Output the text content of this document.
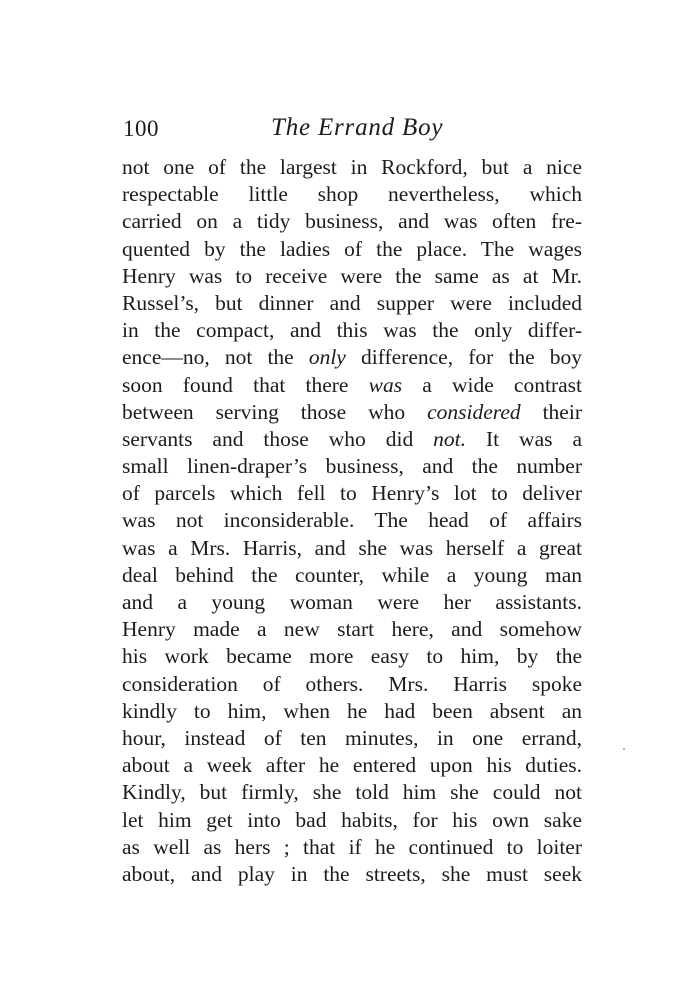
100	The Errand Boy
not one of the largest in Rockford, but a nice
respectable little shop nevertheless, which
carried on a tidy business, and was often fre-
quented by the ladies of the place. The wages
Henry was to receive were the same as at Mr.
Russel’s, but dinner and supper were included
in the compact, and this was the only differ-
ence—no, not the only difference, for the boy
soon found that there was a wide contrast
between serving those who considered their
servants and those who did not. It was a
small linen-draper’s business, and the number
of parcels which fell to Henry’s lot to deliver
was not inconsiderable. The head of affairs
was a Mrs. Harris, and she was herself a great
deal behind the counter, while a young man
and a young woman were her assistants.
Henry made a new start here, and somehow
his work became more easy to him, by the
consideration of others. Mrs. Harris spoke
kindly to him, when he had been absent an
hour, instead of ten minutes, in one errand,
about a week after he entered upon his duties.
Kindly, but firmly, she told him she could not
let him get into bad habits, for his own sake
as well as hers ; that if he continued to loiter
about, and play in the streets, she must seek
